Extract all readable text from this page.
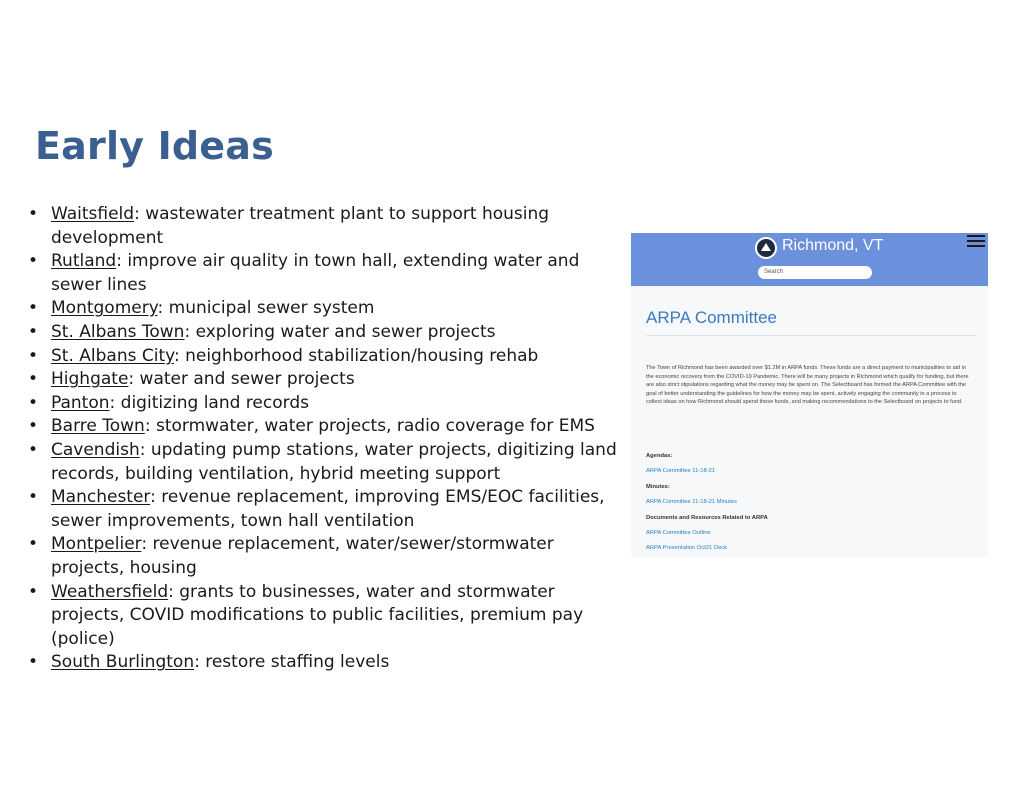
Early Ideas
• Waitsfield: wastewater treatment plant to support housing development
• Rutland: improve air quality in town hall, extending water and sewer lines
• Montgomery: municipal sewer system
• St. Albans Town: exploring water and sewer projects
• St. Albans City: neighborhood stabilization/housing rehab
• Highgate: water and sewer projects
• Panton: digitizing land records
• Barre Town: stormwater, water projects, radio coverage for EMS
• Cavendish: updating pump stations, water projects, digitizing land records, building ventilation, hybrid meeting support
• Manchester: revenue replacement, improving EMS/EOC facilities, sewer improvements, town hall ventilation
• Montpelier: revenue replacement, water/sewer/stormwater projects, housing
• Weathersfield: grants to businesses, water and stormwater projects, COVID modifications to public facilities, premium pay (police)
• South Burlington: restore staffing levels
Richmond, VT
Search
ARPA Committee

The Town of Richmond has been awarded over $1.2M in ARPA funds. These funds are a direct payment to municipalities to aid in the economic recovery from the COVID-19 Pandemic. There will be many projects in Richmond which qualify for funding, but there are also strict stipulations regarding what the money may be spent on. The Selectboard has formed the ARPA Committee with the goal of better understanding the guidelines for how the money may be spent, actively engaging the community in a process to collect ideas on how Richmond should spend these funds, and making recommendations to the Selectboard on projects to fund.

Agendas:
ARPA Committee 11-18-21
Minutes:
ARPA Committee 11-18-21 Minutes
Documents and Resources Related to ARPA
ARPA Committee Outline
ARPA Presentation Oct21 Deck
